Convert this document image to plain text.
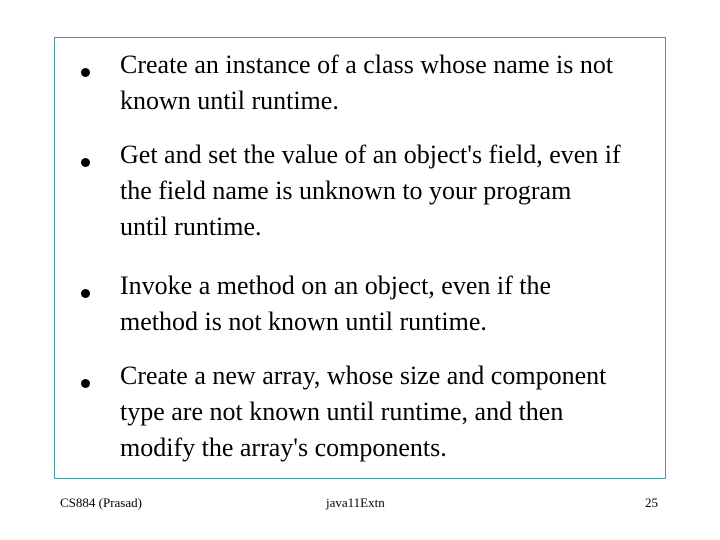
Create an instance of a class whose name is not
known until runtime.
Get and set the value of an object's field, even if
the field name is unknown to your program
until runtime.
Invoke a method on an object, even if the
method is not known until runtime.
Create a new array, whose size and component
type are not known until runtime, and then
modify the array's components.
CS884 (Prasad)	java11Extn	25
